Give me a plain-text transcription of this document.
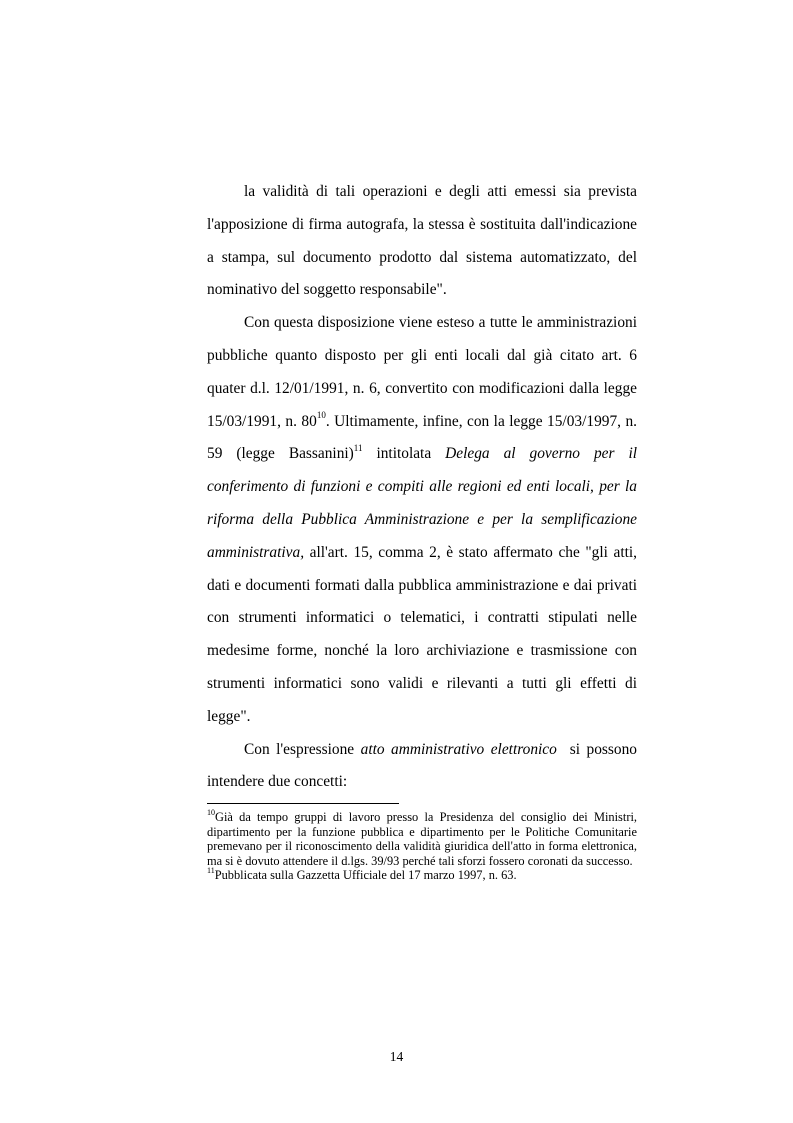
la validità di tali operazioni e degli atti emessi sia prevista l'apposizione di firma autografa, la stessa è sostituita dall'indicazione a stampa, sul documento prodotto dal sistema automatizzato, del nominativo del soggetto responsabile".

Con questa disposizione viene esteso a tutte le amministrazioni pubbliche quanto disposto per gli enti locali dal già citato art. 6 quater d.l. 12/01/1991, n. 6, convertito con modificazioni dalla legge 15/03/1991, n. $80^{10}$. Ultimamente, infine, con la legge 15/03/1997, n. 59 (legge Bassanini)$^{11}$ intitolata Delega al governo per il conferimento di funzioni e compiti alle regioni ed enti locali, per la riforma della Pubblica Amministrazione e per la semplificazione amministrativa, all'art. 15, comma 2, è stato affermato che "gli atti, dati e documenti formati dalla pubblica amministrazione e dai privati con strumenti informatici o telematici, i contratti stipulati nelle medesime forme, nonché la loro archiviazione e trasmissione con strumenti informatici sono validi e rilevanti a tutti gli effetti di legge".

Con l'espressione atto amministrativo elettronico  si possono intendere due concetti:

$^{10}$Già da tempo gruppi di lavoro presso la Presidenza del consiglio dei Ministri, dipartimento per la funzione pubblica e dipartimento per le Politiche Comunitarie premevano per il riconoscimento della validità giuridica dell'atto in forma elettronica, ma si è dovuto attendere il d.lgs. 39/93 perché tali sforzi fossero coronati da successo.

$^{11}$Pubblicata sulla Gazzetta Ufficiale del 17 marzo 1997, n. 63.

14
